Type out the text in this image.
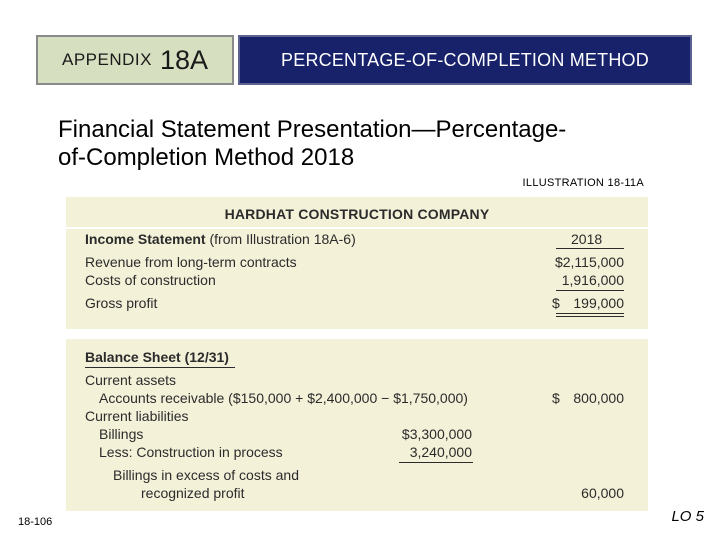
APPENDIX 18A	PERCENTAGE-OF-COMPLETION METHOD
Financial Statement Presentation—Percentage-
of-Completion Method 2018
ILLUSTRATION 18-11A
HARDHAT CONSTRUCTION COMPANY
Income Statement (from Illustration 18A-6)	2018
Revenue from long-term contracts	$2,115,000
Costs of construction	1,916,000
Gross profit	$ 199,000
Balance Sheet (12/31)
Current assets
Accounts receivable ($150,000 + $2,400,000 − $1,750,000)	$ 800,000
Current liabilities
Billings	$3,300,000
Less: Construction in process	3,240,000
Billings in excess of costs and
recognized profit	60,000
18-106	LO 5
